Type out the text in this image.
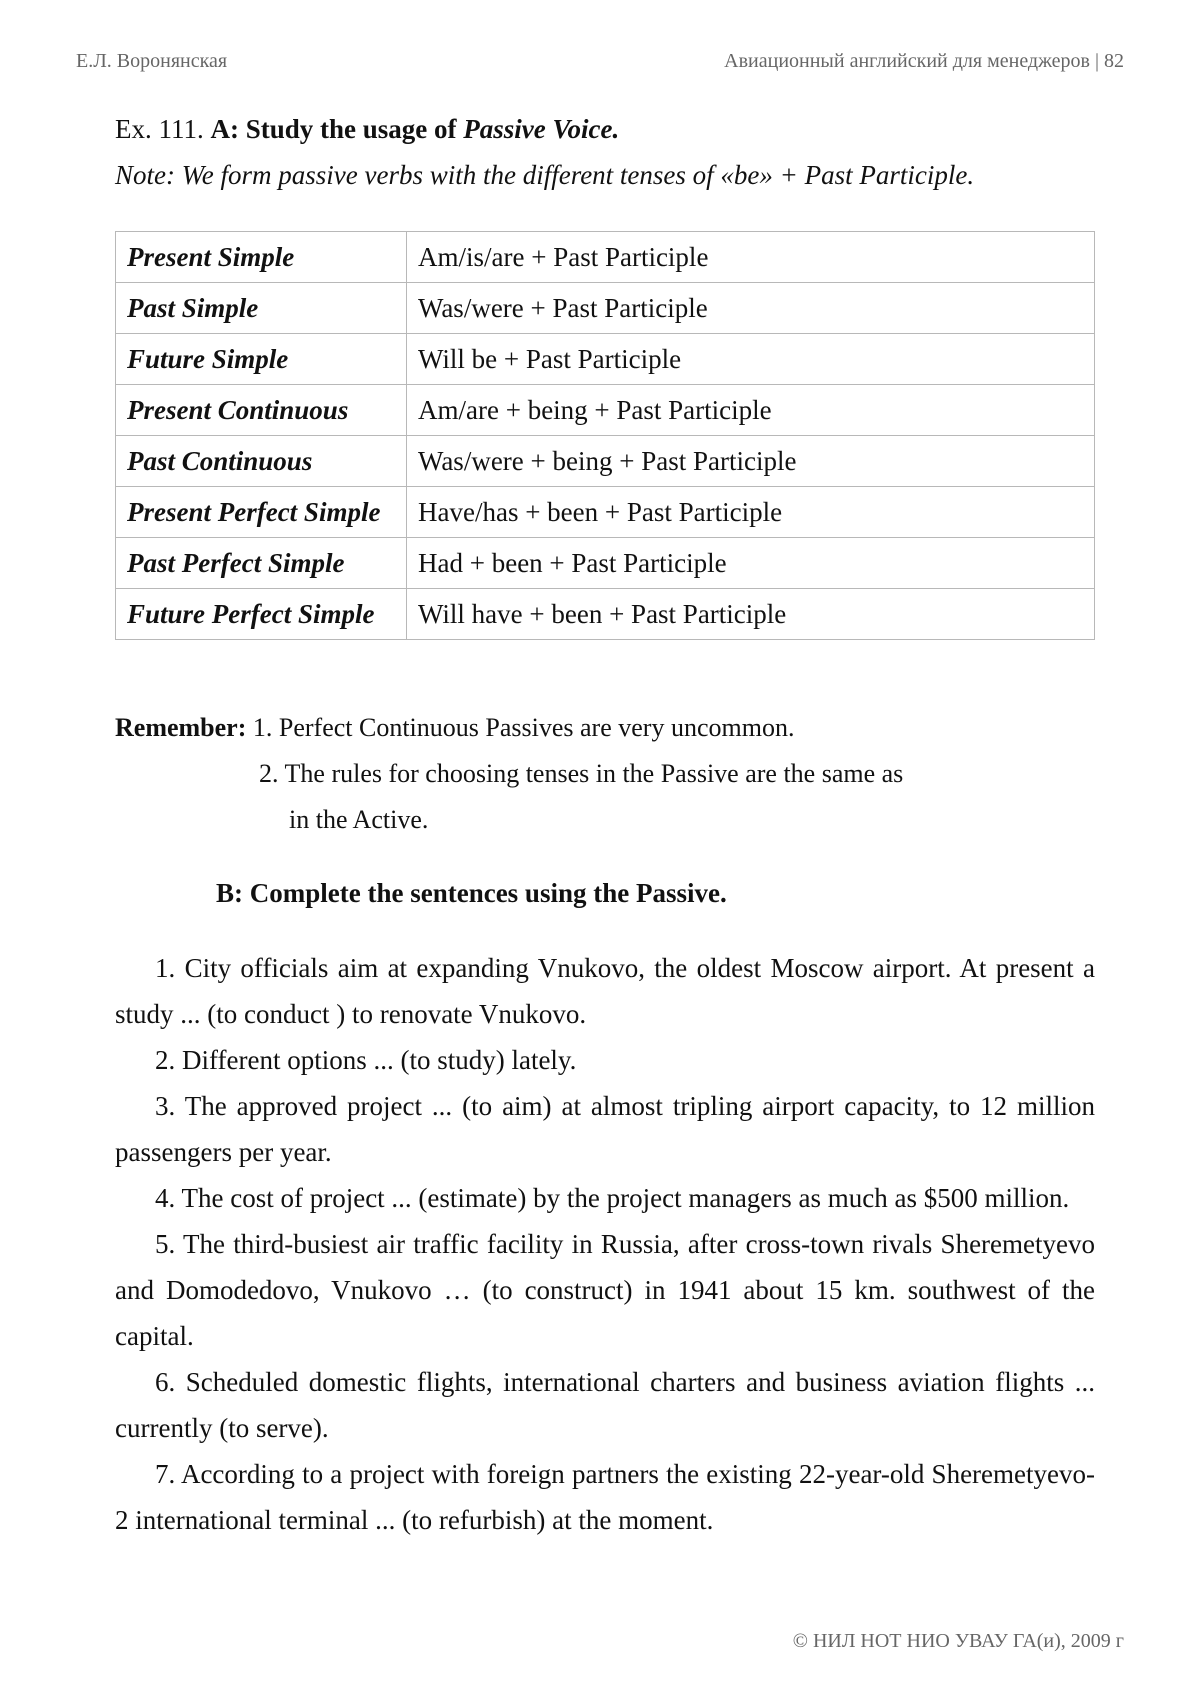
Е.Л. Воронянская	Авиационный английский для менеджеров | 82
Ex. 111. A: Study the usage of Passive Voice.
Note: We form passive verbs with the different tenses of «be» + Past Participle.
Present Simple	Am/is/are + Past Participle
Past Simple	Was/were + Past Participle
Future Simple	Will be + Past Participle
Present Continuous	Am/are + being + Past Participle
Past Continuous	Was/were + being + Past Participle
Present Perfect Simple	Have/has + been + Past Participle
Past Perfect Simple	Had + been + Past Participle
Future Perfect Simple	Will have + been + Past Participle
Remember: 1. Perfect Continuous Passives are very uncommon.
2. The rules for choosing tenses in the Passive are the same as
in the Active.
B: Complete the sentences using the Passive.

1. City officials aim at expanding Vnukovo, the oldest Moscow airport. At present a study ... (to conduct ) to renovate Vnukovo.

2. Different options ... (to study) lately.

3. The approved project ... (to aim) at almost tripling airport capacity, to 12 million passengers per year.

4. The cost of project ... (estimate) by the project managers as much as $500 million.

5. The third-busiest air traffic facility in Russia, after cross-town rivals Sheremetyevo and Domodedovo, Vnukovo … (to construct) in 1941 about 15 km. southwest of the capital.

6. Scheduled domestic flights, international charters and business aviation flights ... currently (to serve).

7. According to a project with foreign partners the existing 22-year-old Sheremetyevo-2 international terminal ... (to refurbish) at the moment.

© НИЛ НОТ НИО УВАУ ГА(и), 2009 г
